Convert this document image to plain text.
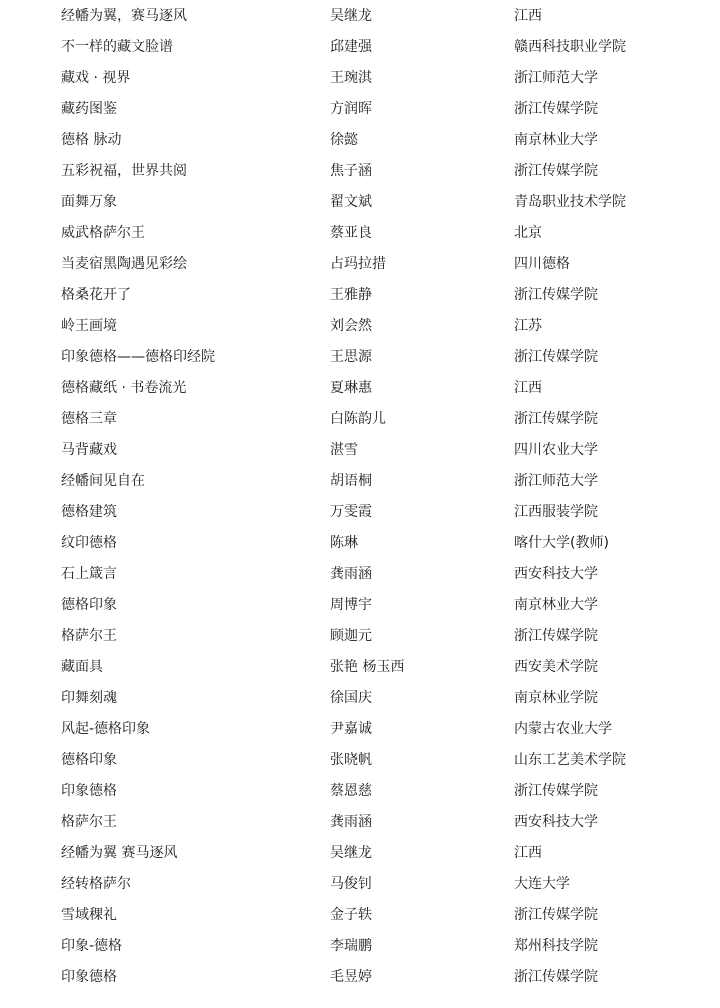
经幡为翼，赛马逐风	吴继龙	江西
不一样的藏文脸谱	邱建强	赣西科技职业学院
藏戏 · 视界	王琬淇	浙江师范大学
藏药图鉴	方润晖	浙江传媒学院
德格 脉动	徐懿	南京林业大学
五彩祝福，世界共阅	焦子涵	浙江传媒学院
面舞万象	翟文斌	青岛职业技术学院
威武格萨尔王	蔡亚良	北京
当麦宿黑陶遇见彩绘	占玛拉措	四川德格
格桑花开了	王雅静	浙江传媒学院
岭王画境	刘会然	江苏
印象德格——德格印经院	王思源	浙江传媒学院
德格藏纸 · 书卷流光	夏琳惠	江西
德格三章	白陈韵儿	浙江传媒学院
马背藏戏	湛雪	四川农业大学
经幡间见自在	胡语桐	浙江师范大学
德格建筑	万雯霞	江西服装学院
纹印德格	陈琳	喀什大学(教师)
石上箴言	龚雨涵	西安科技大学
德格印象	周博宇	南京林业大学
格萨尔王	顾迦元	浙江传媒学院
藏面具	张艳 杨玉西	西安美术学院
印舞刻魂	徐国庆	南京林业学院
风起-德格印象	尹嘉诚	内蒙古农业大学
德格印象	张晓帆	山东工艺美术学院
印象德格	蔡恩慈	浙江传媒学院
格萨尔王	龚雨涵	西安科技大学
经幡为翼 赛马逐风	吴继龙	江西
经转格萨尔	马俊钊	大连大学
雪域稞礼	金子轶	浙江传媒学院
印象-德格	李瑞鹏	郑州科技学院
印象德格	毛昱婷	浙江传媒学院
